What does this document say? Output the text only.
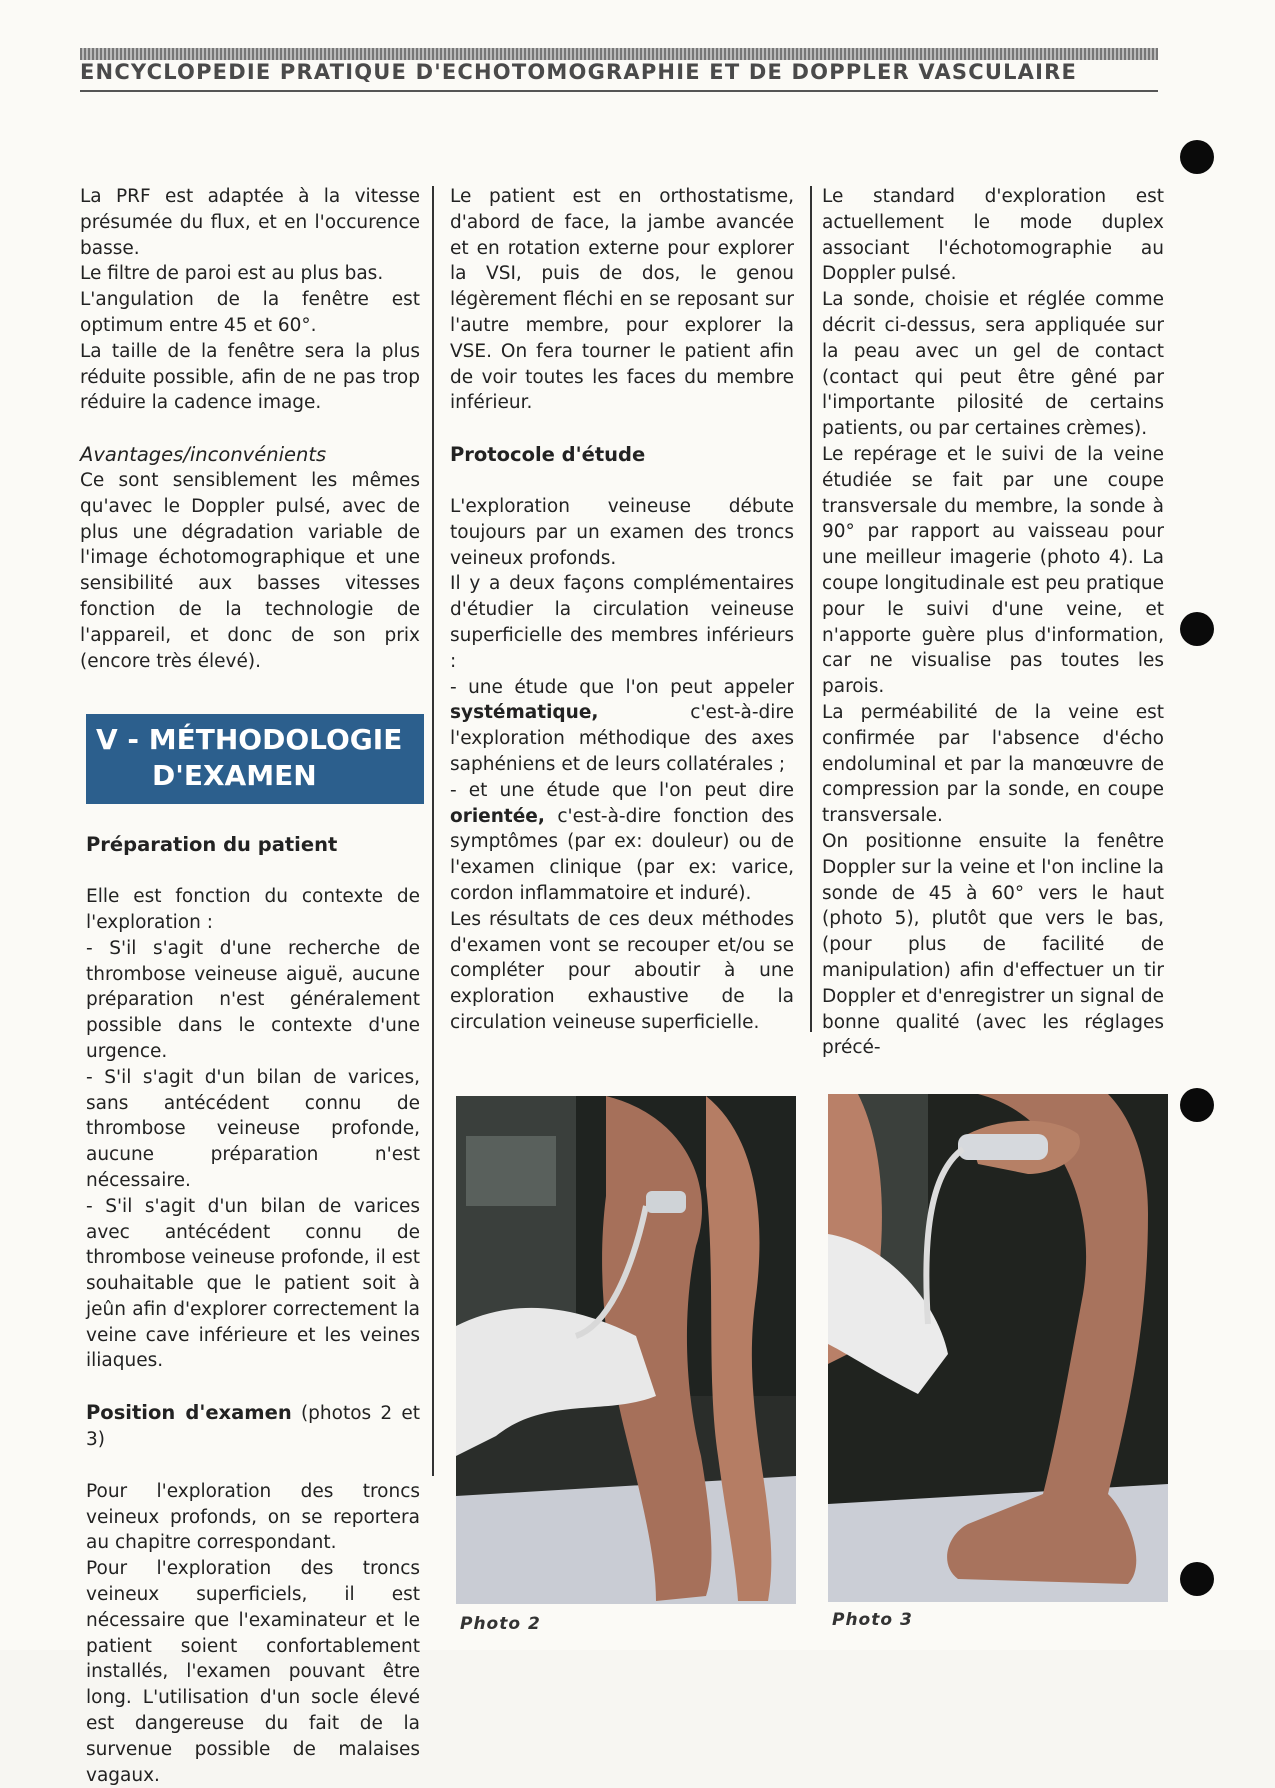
ENCYCLOPEDIE PRATIQUE D'ECHOTOMOGRAPHIE ET DE DOPPLER VASCULAIRE

La PRF est adaptée à la vitesse présumée du flux, et en l'occurence basse.

Le filtre de paroi est au plus bas.

L'angulation de la fenêtre est optimum entre 45 et 60°.

La taille de la fenêtre sera la plus réduite possible, afin de ne pas trop réduire la cadence image.

Avantages/inconvénients

Ce sont sensiblement les mêmes qu'avec le Doppler pulsé, avec de plus une dégradation variable de l'image échotomographique et une sensibilité aux basses vitesses fonction de la technologie de l'appareil, et donc de son prix (encore très élevé).

V - MÉTHODOLOGIE
D'EXAMEN

Préparation du patient

Elle est fonction du contexte de l'exploration :

- S'il s'agit d'une recherche de thrombose veineuse aiguë, aucune préparation n'est généralement possible dans le contexte d'une urgence.

- S'il s'agit d'un bilan de varices, sans antécédent connu de thrombose veineuse profonde, aucune préparation n'est nécessaire.

- S'il s'agit d'un bilan de varices avec antécédent connu de thrombose veineuse profonde, il est souhaitable que le patient soit à jeûn afin d'explorer correctement la veine cave inférieure et les veines iliaques.

Position d'examen (photos 2 et 3)

Pour l'exploration des troncs veineux profonds, on se reportera au chapitre correspondant.

Pour l'exploration des troncs veineux superficiels, il est nécessaire que l'examinateur et le patient soient confortablement installés, l'examen pouvant être long. L'utilisation d'un socle élevé est dangereuse du fait de la survenue possible de malaises vagaux.

Le patient est en orthostatisme, d'abord de face, la jambe avancée et en rotation externe pour explorer la VSI, puis de dos, le genou légèrement fléchi en se reposant sur l'autre membre, pour explorer la VSE. On fera tourner le patient afin de voir toutes les faces du membre inférieur.

Protocole d'étude

L'exploration veineuse débute toujours par un examen des troncs veineux profonds.

Il y a deux façons complémentaires d'étudier la circulation veineuse superficielle des membres inférieurs :

- une étude que l'on peut appeler systématique, c'est-à-dire l'exploration méthodique des axes saphéniens et de leurs collatérales ;

- et une étude que l'on peut dire orientée, c'est-à-dire fonction des symptômes (par ex: douleur) ou de l'examen clinique (par ex: varice, cordon inflammatoire et induré).

Les résultats de ces deux méthodes d'examen vont se recouper et/ou se compléter pour aboutir à une exploration exhaustive de la circulation veineuse superficielle.

Le standard d'exploration est actuellement le mode duplex associant l'échotomographie au Doppler pulsé.

La sonde, choisie et réglée comme décrit ci-dessus, sera appliquée sur la peau avec un gel de contact (contact qui peut être gêné par l'importante pilosité de certains patients, ou par certaines crèmes).

Le repérage et le suivi de la veine étudiée se fait par une coupe transversale du membre, la sonde à 90° par rapport au vaisseau pour une meilleur imagerie (photo 4). La coupe longitudinale est peu pratique pour le suivi d'une veine, et n'apporte guère plus d'information, car ne visualise pas toutes les parois.

La perméabilité de la veine est confirmée par l'absence d'écho endoluminal et par la manœuvre de compression par la sonde, en coupe transversale.

On positionne ensuite la fenêtre Doppler sur la veine et l'on incline la sonde de 45 à 60° vers le haut (photo 5), plutôt que vers le bas, (pour plus de facilité de manipulation) afin d'effectuer un tir Doppler et d'enregistrer un signal de bonne qualité (avec les réglages précé-

Photo 2	Photo 3
